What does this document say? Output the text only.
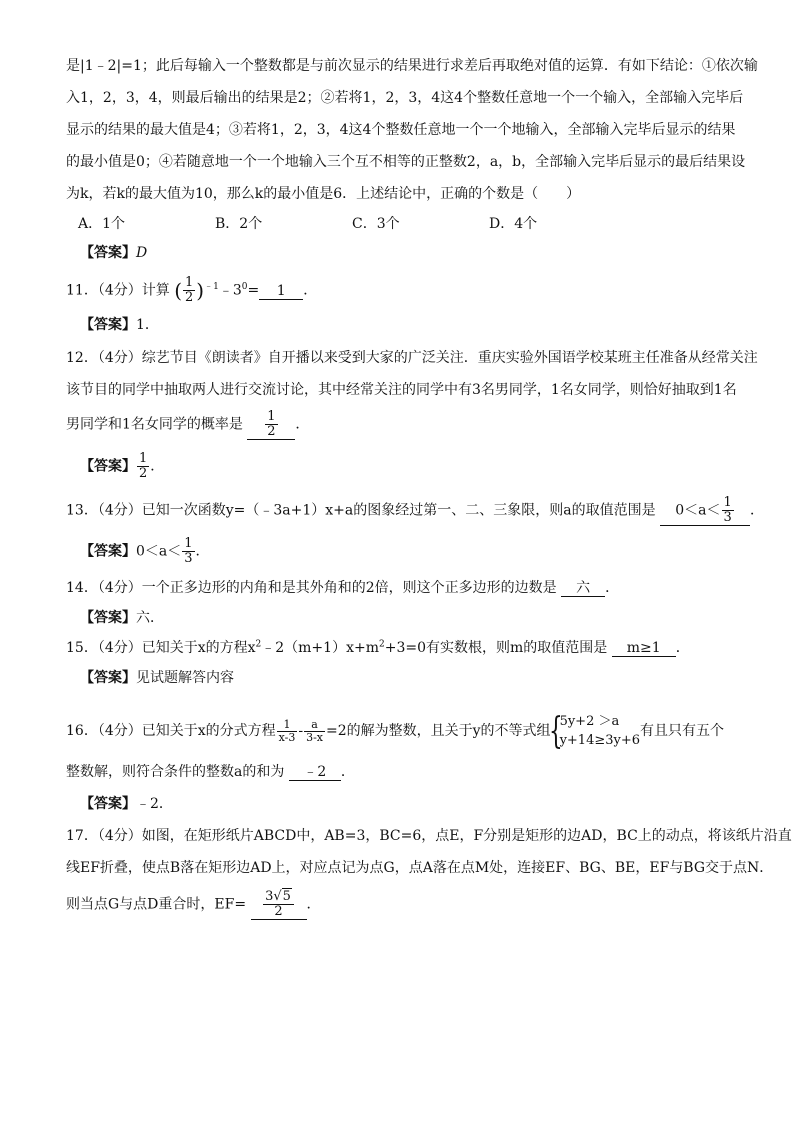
是|1﹣2|=1；此后每输入一个整数都是与前次显示的结果进行求差后再取绝对值的运算．有如下结论：①依次输
入1，2，3，4，则最后输出的结果是2；②若将1，2，3，4这4个整数任意地一个一个输入，全部输入完毕后
显示的结果的最大值是4；③若将1，2，3，4这4个整数任意地一个一个地输入，全部输入完毕后显示的结果
的最小值是0；④若随意地一个一个地输入三个互不相等的正整数2，a，b，全部输入完毕后显示的最后结果设
为k，若k的最大值为10，那么k的最小值是6．上述结论中，正确的个数是（　　）
A．1个	B．2个	C．3个	D．4个
【答案】D
11．（4分）计算 ( $\frac{1}{2}$ )$^{﹣1}﹣3^0= 1$ ．
【答案】1．
12．（4分）综艺节目《朗读者》自开播以来受到大家的广泛关注．重庆实验外国语学校某班主任准备从经常关注
该节目的同学中抽取两人进行交流讨论，其中经常关注的同学中有3名男同学，1名女同学，则恰好抽取到1名
男同学和1名女同学的概率是 $\frac{1}{2}$ ．
【答案】 $\frac{1}{2}$ ．
13．（4分）已知一次函数y=（﹣3a+1）x+a的图象经过第一、二、三象限，则a的取值范围是 $0<a< \frac{1}{3}$ ．
【答案】$0<a< \frac{1}{3}$ ．
14．（4分）一个正多边形的内角和是其外角和的2倍，则这个正多边形的边数是 六 ．
【答案】六．
15．（4分）已知关于x的方程$x^2﹣2(m+1)x+m^2+3=0$有实数根，则m的取值范围是 m≥1 ．
【答案】见试题解答内容
16．（4分）已知关于x的分式方程 $\frac{1}{x-3} - \frac{a}{3-x} =2$的解为整数，且关于y的不等式组
{
5y+2 ＞a
y+14≥3y+6
有且只有五个
整数解，则符合条件的整数a的和为 ﹣2 ．
【答案】﹣2．
17．（4分）如图，在矩形纸片ABCD中，AB=3，BC=6，点E，F分别是矩形的边AD，BC上的动点，将该纸片沿直
线EF折叠，使点B落在矩形边AD上，对应点记为点G，点A落在点M处，连接EF、BG、BE，EF与BG交于点N．
则当点G与点D重合时，$EF= \frac{3√5}{2}$ ．
